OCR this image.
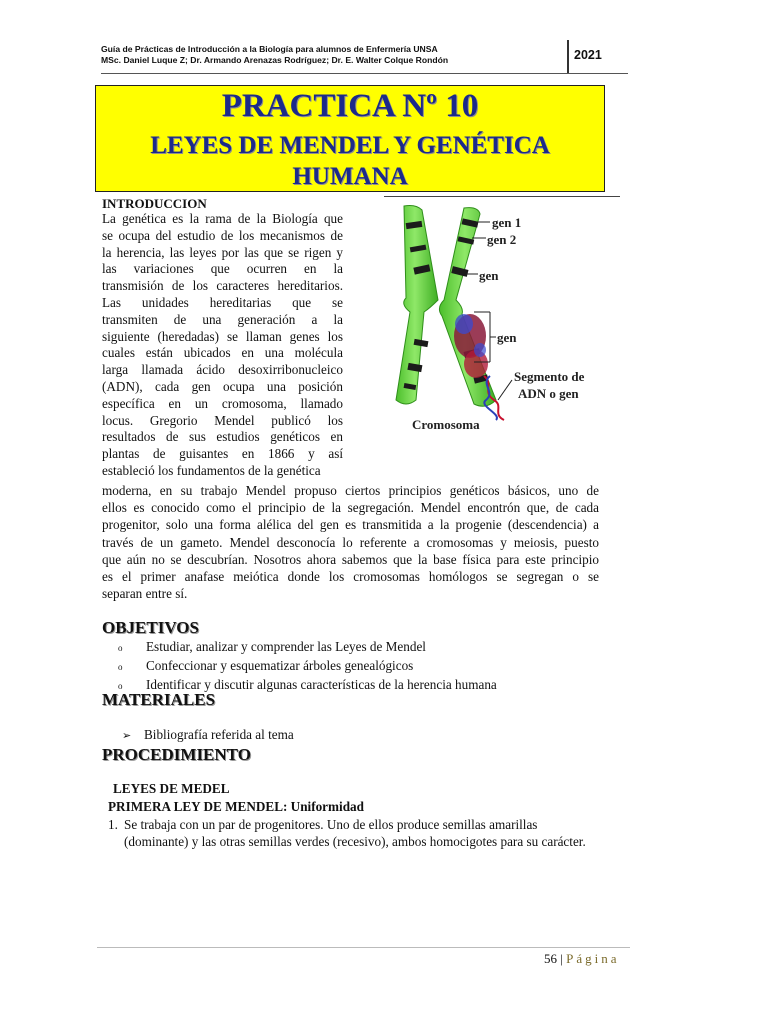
Guía de Prácticas de Introducción a la Biología para alumnos de Enfermería UNSA
MSc. Daniel Luque Z; Dr. Armando Arenazas Rodríguez; Dr. E. Walter Colque Rondón	2021
PRACTICA Nº 10
LEYES DE MENDEL Y GENÉTICA
HUMANA
INTRODUCCION
La genética es la rama de la Biología que
se ocupa del estudio de los mecanismos de
la herencia, las leyes por las que se rigen y
las variaciones que ocurren en la
transmisión de los caracteres hereditarios.
Las unidades hereditarias que se
transmiten de una generación a la
siguiente (heredadas) se llaman genes los
cuales están ubicados en una molécula
larga llamada ácido desoxirribonucleico
(ADN), cada gen ocupa una posición
específica en un cromosoma, llamado
locus. Gregorio Mendel publicó los
resultados de sus estudios genéticos en
plantas de guisantes en 1866 y así
estableció los fundamentos de la genética
gen 1
gen 2
gen
gen
Segmento de
ADN o gen
Cromosoma
moderna, en su trabajo Mendel propuso ciertos principios genéticos básicos, uno de
ellos es conocido como el principio de la segregación. Mendel encontrón que, de cada
progenitor, solo una forma alélica del gen es transmitida a la progenie (descendencia) a
través de un gameto. Mendel desconocía lo referente a cromosomas y meiosis, puesto
que aún no se descubrían. Nosotros ahora sabemos que la base física para este principio
es el primer anafase meiótica donde los cromosomas homólogos se segregan o se
separan entre sí.
OBJETIVOS
o Estudiar, analizar y comprender las Leyes de Mendel
o Confeccionar y esquematizar árboles genealógicos
o Identificar y discutir algunas características de la herencia humana
MATERIALES
➢ Bibliografía referida al tema
PROCEDIMIENTO
LEYES DE MEDEL
PRIMERA LEY DE MENDEL: Uniformidad
1. Se trabaja con un par de progenitores. Uno de ellos produce semillas amarillas
(dominante) y las otras semillas verdes (recesivo), ambos homocigotes para su carácter.
56 | Página
